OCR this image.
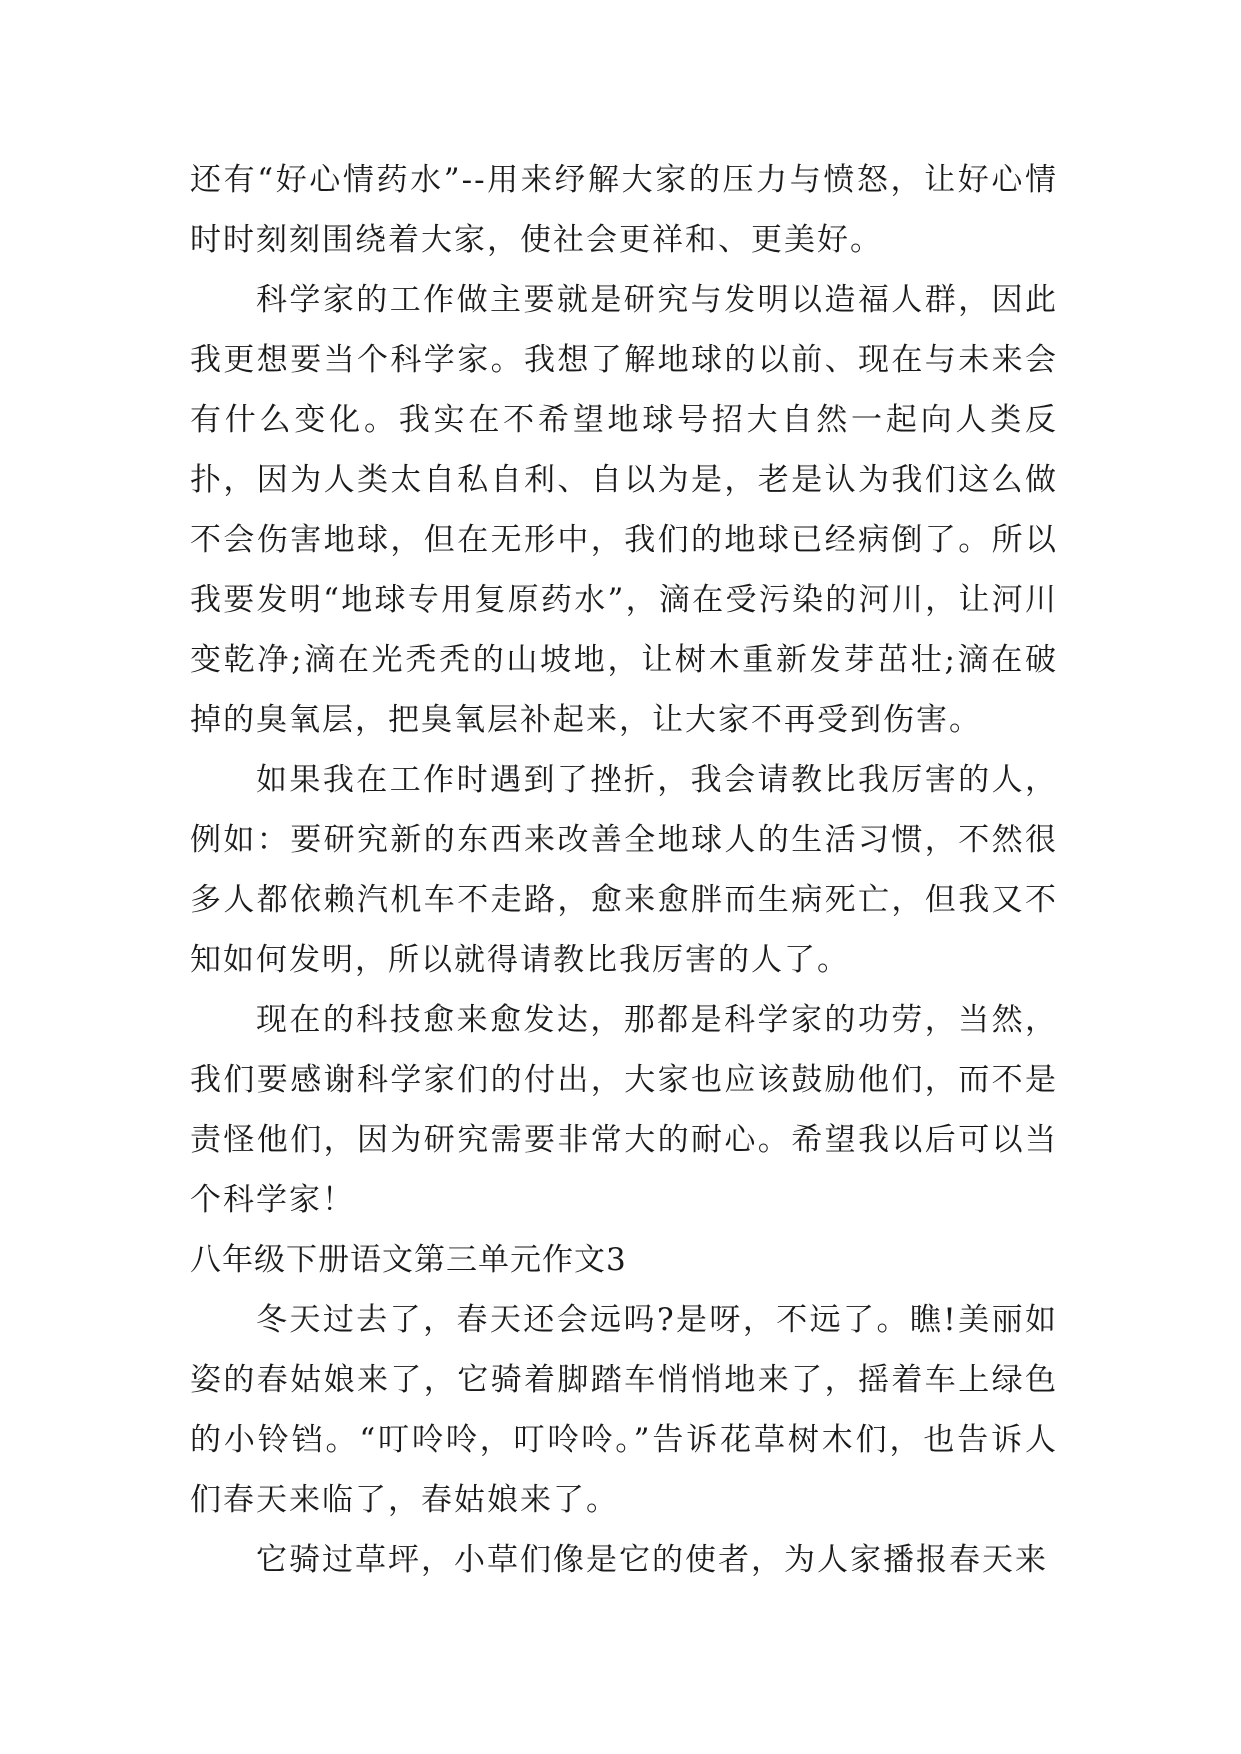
还有“好心情药水”--用来纾解大家的压力与愤怒，让好心情时时刻刻围绕着大家，使社会更祥和、更美好。

科学家的工作做主要就是研究与发明以造福人群，因此我更想要当个科学家。我想了解地球的以前、现在与未来会有什么变化。我实在不希望地球号招大自然一起向人类反扑，因为人类太自私自利、自以为是，老是认为我们这么做不会伤害地球，但在无形中，我们的地球已经病倒了。所以我要发明“地球专用复原药水”，滴在受污染的河川，让河川变乾净;滴在光秃秃的山坡地，让树木重新发芽茁壮;滴在破掉的臭氧层，把臭氧层补起来，让大家不再受到伤害。

如果我在工作时遇到了挫折，我会请教比我厉害的人，例如：要研究新的东西来改善全地球人的生活习惯，不然很多人都依赖汽机车不走路，愈来愈胖而生病死亡，但我又不知如何发明，所以就得请教比我厉害的人了。

现在的科技愈来愈发达，那都是科学家的功劳，当然，我们要感谢科学家们的付出，大家也应该鼓励他们，而不是责怪他们，因为研究需要非常大的耐心。希望我以后可以当个科学家！

八年级下册语文第三单元作文3

冬天过去了，春天还会远吗?是呀，不远了。瞧!美丽如姿的春姑娘来了，它骑着脚踏车悄悄地来了，摇着车上绿色的小铃铛。“叮呤呤，叮呤呤。”告诉花草树木们，也告诉人们春天来临了，春姑娘来了。

它骑过草坪，小草们像是它的使者，为人家播报春天来
